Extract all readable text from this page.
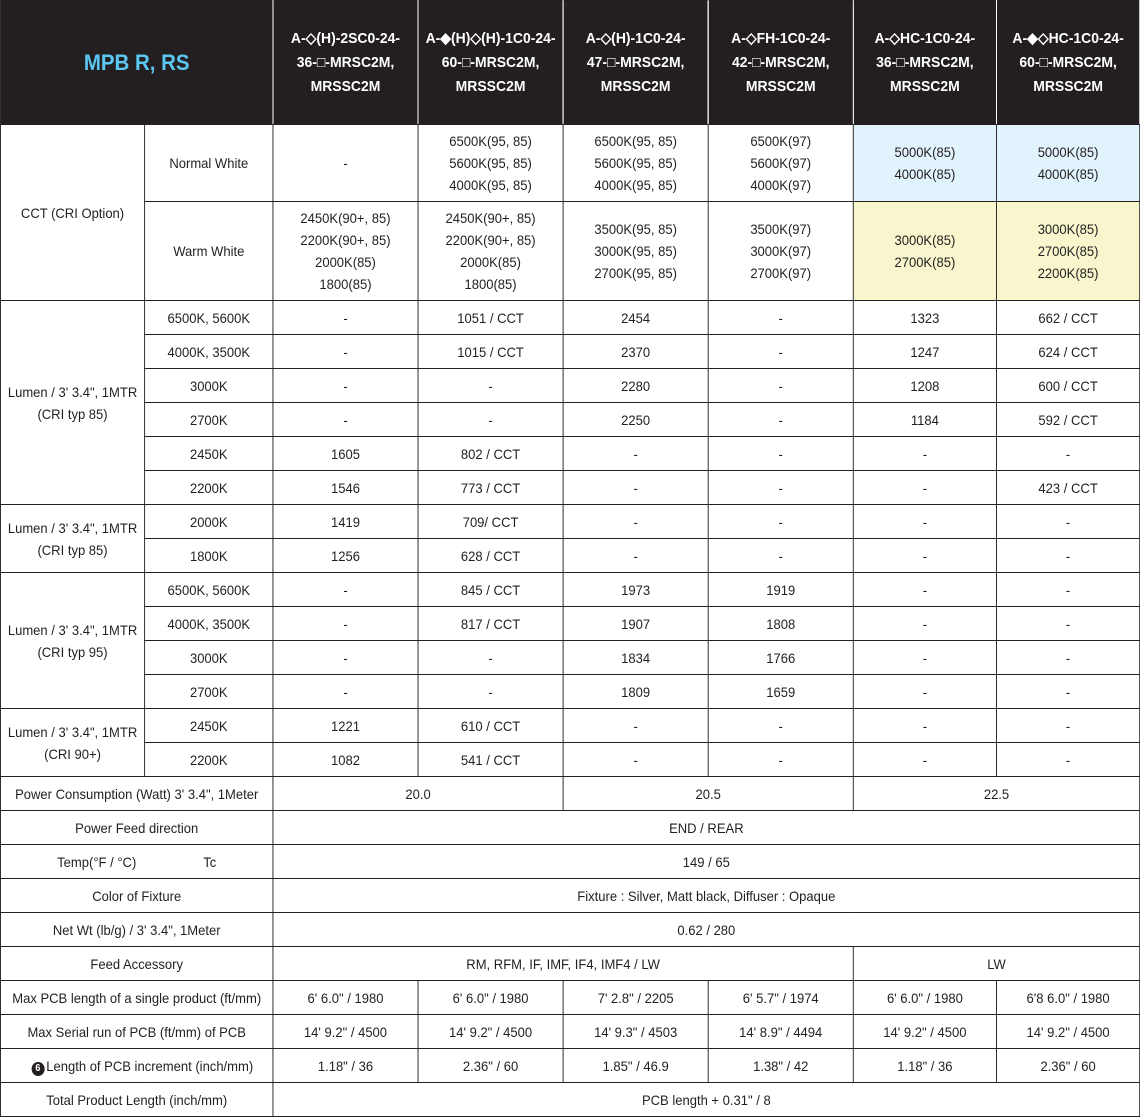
MPB R, RS		A-◇(H)-2SC0-24-
36-□-MRSC2M,
MRSSC2M	A-◆(H)◇(H)-1C0-24-
60-□-MRSC2M,
MRSSC2M	A-◇(H)-1C0-24-
47-□-MRSC2M,
MRSSC2M	A-◇FH-1C0-24-
42-□-MRSC2M,
MRSSC2M	A-◇HC-1C0-24-
36-□-MRSC2M,
MRSSC2M	A-◆◇HC-1C0-24-
60-□-MRSC2M,
MRSSC2M

CCT (CRI Option)	Normal White	-	6500K(95, 85)
5600K(95, 85)
4000K(95, 85)	6500K(95, 85)
5600K(95, 85)
4000K(95, 85)	6500K(97)
5600K(97)
4000K(97)	5000K(85)
4000K(85)	5000K(85)
4000K(85)

	Warm White	2450K(90+, 85)
2200K(90+, 85)
2000K(85)
1800(85)	2450K(90+, 85)
2200K(90+, 85)
2000K(85)
1800(85)	3500K(95, 85)
3000K(95, 85)
2700K(95, 85)	3500K(97)
3000K(97)
2700K(97)	3000K(85)
2700K(85)	3000K(85)
2700K(85)
2200K(85)

Lumen / 3' 3.4", 1MTR
(CRI typ 85)	6500K, 5600K	-	1051 / CCT	2454	-	1323	662 / CCT
	4000K, 3500K	-	1015 / CCT	2370	-	1247	624 / CCT
	3000K	-	-	2280	-	1208	600 / CCT
	2700K	-	-	2250	-	1184	592 / CCT
	2450K	1605	802 / CCT	-	-	-	-
	2200K	1546	773 / CCT	-	-	-	423 / CCT

Lumen / 3' 3.4", 1MTR
(CRI typ 85)	2000K	1419	709/ CCT	-	-	-	-
	1800K	1256	628 / CCT	-	-	-	-

Lumen / 3' 3.4", 1MTR
(CRI typ 95)	6500K, 5600K	-	845 / CCT	1973	1919	-	-
	4000K, 3500K	-	817 / CCT	1907	1808	-	-
	3000K	-	-	1834	1766	-	-
	2700K	-	-	1809	1659	-	-

Lumen / 3' 3.4", 1MTR
(CRI 90+)	2450K	1221	610 / CCT	-	-	-	-
	2200K	1082	541 / CCT	-	-	-	-
Power Consumption (Watt) 3' 3.4", 1Meter		20.0		20.5		22.5	
Power Feed direction		END / REAR					
Temp(°F / °C) Tc		149 / 65					
Color of Fixture		Fixture : Silver, Matt black, Diffuser : Opaque					
Net Wt (lb/g) / 3' 3.4", 1Meter		0.62 / 280					
Feed Accessory		RM, RFM, IF, IMF, IF4, IMF4 / LW				LW	
Max PCB length of a single product (ft/mm)		6' 6.0" / 1980	6' 6.0" / 1980	7' 2.8" / 2205	6' 5.7" / 1974	6' 6.0" / 1980	6'8 6.0" / 1980
Max Serial run of PCB (ft/mm) of PCB		14' 9.2" / 4500	14' 9.2" / 4500	14' 9.3" / 4503	14' 8.9" / 4494	14' 9.2" / 4500	14' 9.2" / 4500
6 Length of PCB increment (inch/mm)		1.18" / 36	2.36" / 60	1.85" / 46.9	1.38" / 42	1.18" / 36	2.36" / 60
Total Product Length (inch/mm)		PCB length + 0.31" / 8					
